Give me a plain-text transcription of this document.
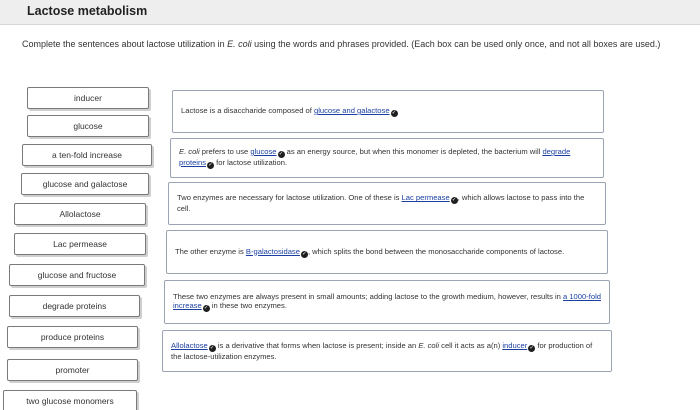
Lactose metabolism
Complete the sentences about lactose utilization in E. coli using the words and phrases provided. (Each box can be used only once, and not all boxes are used.)
inducer
glucose
a ten-fold increase
glucose and galactose
Allolactose
Lac permease
glucose and fructose
degrade proteins
produce proteins
promoter
two glucose monomers
Lactose is a disaccharide composed of glucose and galactose ✓
E. coli prefers to use glucose ✓ as an energy source, but when this monomer is depleted, the bacterium will degrade proteins ✓ for lactose utilization.
Two enzymes are necessary for lactose utilization. One of these is Lac permease ✓, which allows lactose to pass into the cell.
The other enzyme is B-galactosidase ✓, which splits the bond between the monosaccharide components of lactose.
These two enzymes are always present in small amounts; adding lactose to the growth medium, however, results in a 1000-fold increase ✓ in these two enzymes.
Allolactose ✓ is a derivative that forms when lactose is present; inside an E. coli cell it acts as a(n) inducer ✓ for production of the lactose-utilization enzymes.
